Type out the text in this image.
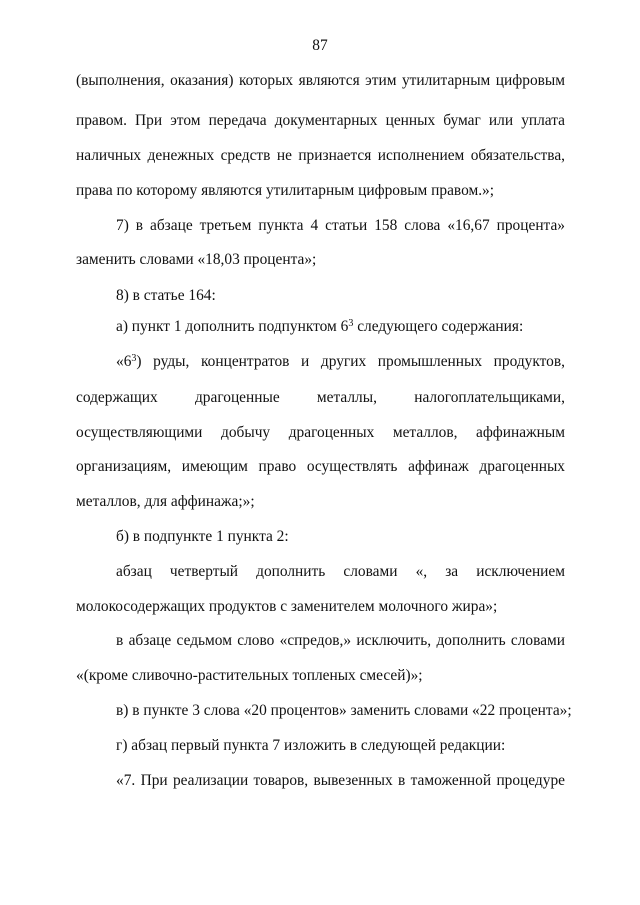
87
(выполнения, оказания) которых являются этим утилитарным цифровым
правом. При этом передача документарных ценных бумаг или уплата
наличных денежных средств не признается исполнением обязательства,
права по которому являются утилитарным цифровым правом.»;
7) в абзаце третьем пункта 4 статьи 158 слова «16,67 процента»
заменить словами «18,03 процента»;
8) в статье 164:
а) пункт 1 дополнить подпунктом $6^3$ следующего содержания:
«$6^3$) руды, концентратов и других промышленных продуктов,
содержащих драгоценные металлы, налогоплательщиками,
осуществляющими добычу драгоценных металлов, аффинажным
организациям, имеющим право осуществлять аффинаж драгоценных
металлов, для аффинажа;»;
б) в подпункте 1 пункта 2:
абзац четвертый дополнить словами «, за исключением
молокосодержащих продуктов с заменителем молочного жира»;
в абзаце седьмом слово «спредов,» исключить, дополнить словами
«(кроме сливочно-растительных топленых смесей)»;
в) в пункте 3 слова «20 процентов» заменить словами «22 процента»;
г) абзац первый пункта 7 изложить в следующей редакции:
«7. При реализации товаров, вывезенных в таможенной процедуре
